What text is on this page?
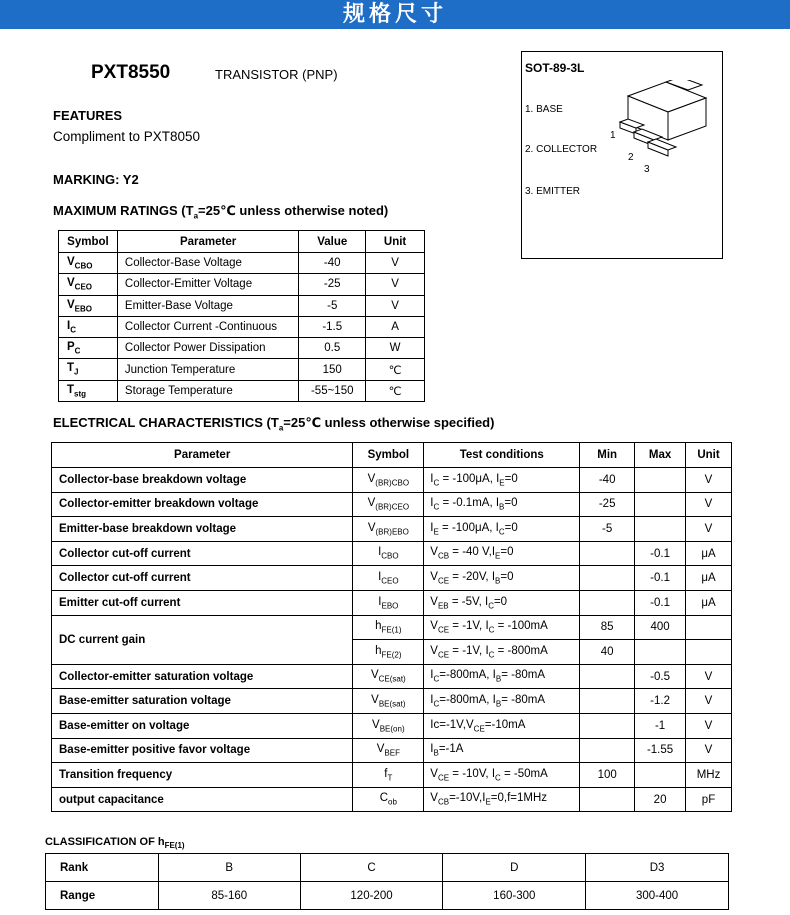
规格尺寸
PXT8550	TRANSISTOR (PNP)
FEATURES
Compliment to PXT8050
MARKING: Y2
SOT-89-3L
1. BASE
2. COLLECTOR
3. EMITTER
1
2
3
MAXIMUM RATINGS ($T_a=25℃$ unless otherwise noted)
Symbol	Parameter	Value	Unit
$V_{CBO}$	Collector-Base Voltage	-40	V
$V_{CEO}$	Collector-Emitter Voltage	-25	V
$V_{EBO}$	Emitter-Base Voltage	-5	V
$I_C$	Collector Current -Continuous	-1.5	A
$P_C$	Collector Power Dissipation	0.5	W
$T_J$	Junction Temperature	150	℃
$T_{stg}$	Storage Temperature	-55~150	℃
ELECTRICAL CHARACTERISTICS ($T_a=25℃$ unless otherwise specified)
Parameter	Symbol	Test conditions	Min	Max	Unit
Collector-base breakdown voltage	$V_{(BR)CBO}$	$I_C = -100\mu A$, $I_E=0$	-40		V
Collector-emitter breakdown voltage	$V_{(BR)CEO}$	$I_C = -0.1mA$, $I_B=0$	-25		V
Emitter-base breakdown voltage	$V_{(BR)EBO}$	$I_E = -100\mu A$, $I_C=0$	-5		V
Collector cut-off current	$I_{CBO}$	$V_{CB} = -40$ $V,I_E=0$		-0.1	μA
Collector cut-off current	$I_{CEO}$	$V_{CE} = -20V$, $I_B=0$		-0.1	μA
Emitter cut-off current	$I_{EBO}$	$V_{EB} = -5V$, $I_C=0$		-0.1	μA
DC current gain	$h_{FE(1)}$	$V_{CE} = -1V$, $I_C = -100mA$	85	400	
	$h_{FE(2)}$	$V_{CE} = -1V$, $I_C = -800mA$	40		
Collector-emitter saturation voltage	$V_{CE(sat)}$	$I_C=-800mA$, $I_B= -80mA$		-0.5	V
Base-emitter saturation voltage	$V_{BE(sat)}$	$I_C=-800mA$, $I_B= -80mA$		-1.2	V
Base-emitter on voltage	$V_{BE(on)}$	$Ic=-1V,V_{CE}=-10mA$		-1	V
Base-emitter positive favor voltage	$V_{BEF}$	$I_B=-1A$		-1.55	V
Transition frequency	$f_T$	$V_{CE} = -10V$, $I_C = -50mA$	100		MHz
output capacitance	$C_{ob}$	$V_{CB}=-10V,I_E=0,f=1MHz$		20	pF
CLASSIFICATION OF $h_{FE(1)}$
Rank	B	C	D	D3
Range	85-160	120-200	160-300	300-400
